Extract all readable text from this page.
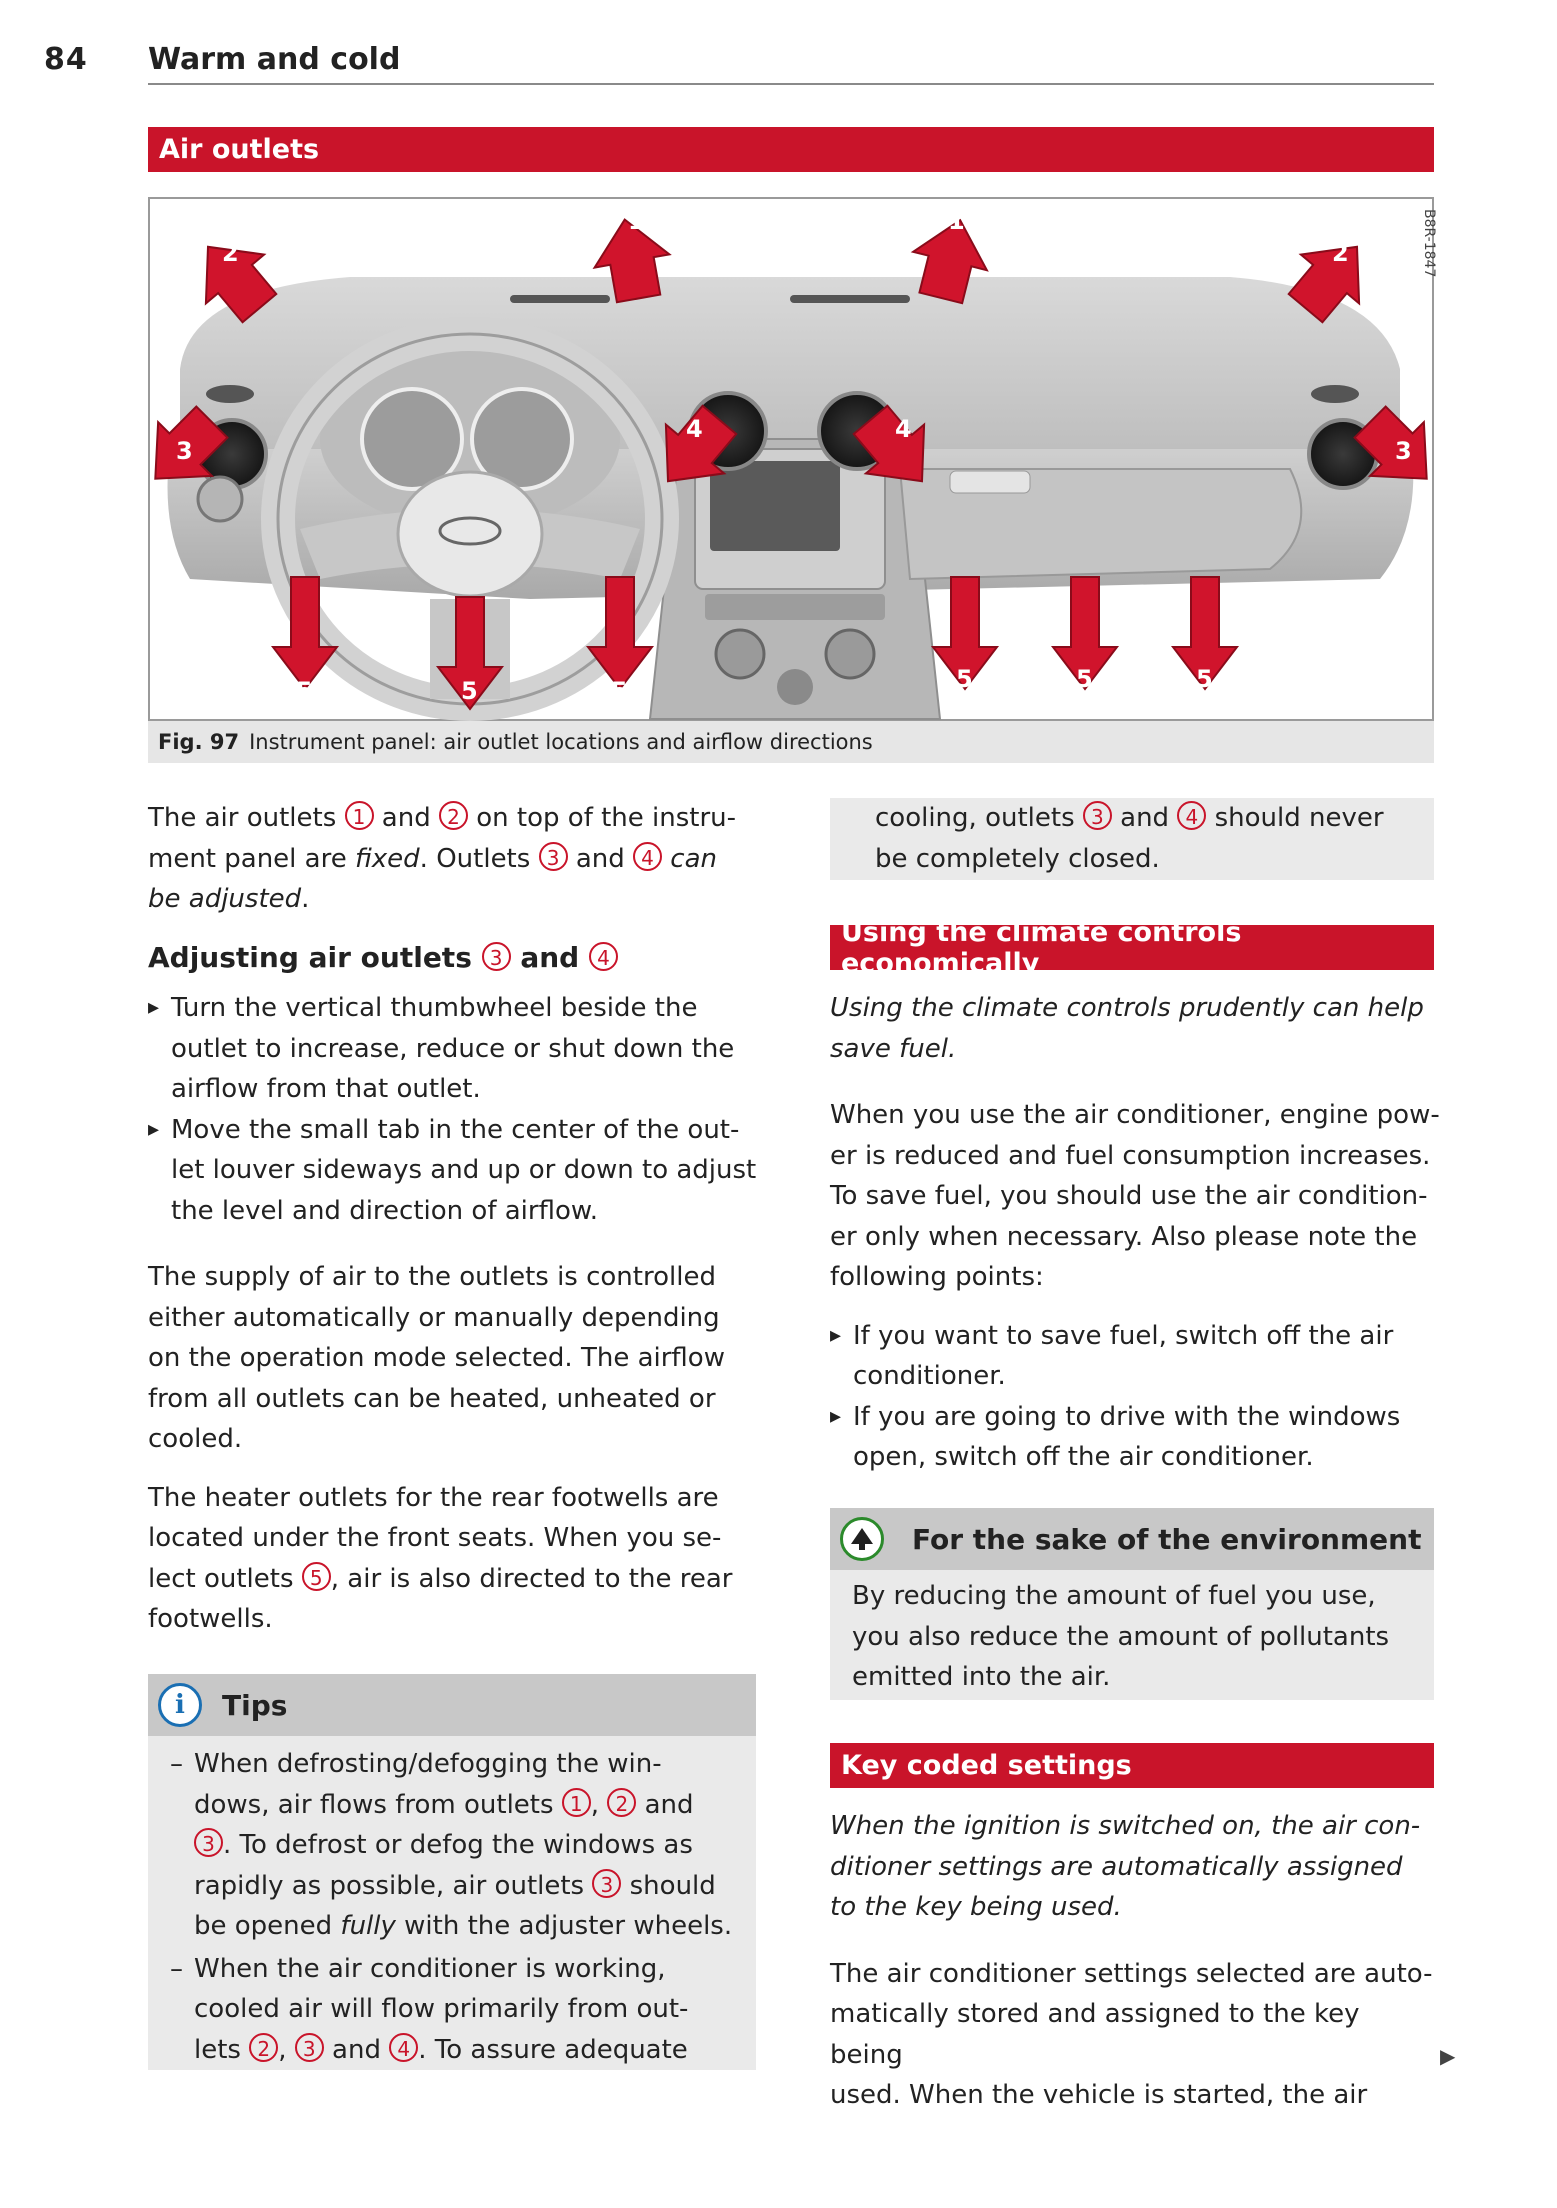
84 Warm and cold
Air outlets
B8R-1847
1	1
2	2
3	3
4	4
5	5	5	5	5	5
Fig. 97 Instrument panel: air outlet locations and airflow directions

The air outlets 1 and 2 on top of the instru-
ment panel are fixed. Outlets 3 and 4 can
be adjusted.

Adjusting air outlets 3 and 4
▸ Turn the vertical thumbwheel beside the
outlet to increase, reduce or shut down the
airflow from that outlet.
▸ Move the small tab in the center of the out-
let louver sideways and up or down to adjust
the level and direction of airflow.

The supply of air to the outlets is controlled
either automatically or manually depending
on the operation mode selected. The airflow
from all outlets can be heated, unheated or
cooled.

The heater outlets for the rear footwells are
located under the front seats. When you se-
lect outlets 5 , air is also directed to the rear
footwells.

i	Tips
– When defrosting/defogging the win-
dows, air flows from outlets 1 , 2 and
3 . To defrost or defog the windows as
rapidly as possible, air outlets 3 should
be opened fully with the adjuster wheels.
– When the air conditioner is working,
cooled air will flow primarily from out-
lets 2 , 3 and 4 . To assure adequate
cooling, outlets 3 and 4 should never
be completely closed.
Using the climate controls economically

Using the climate controls prudently can help
save fuel.

When you use the air conditioner, engine pow-
er is reduced and fuel consumption increases.
To save fuel, you should use the air condition-
er only when necessary. Also please note the
following points:

▸ If you want to save fuel, switch off the air
conditioner.
▸ If you are going to drive with the windows
open, switch off the air conditioner.
For the sake of the environment
By reducing the amount of fuel you use,
you also reduce the amount of pollutants
emitted into the air.
Key coded settings

When the ignition is switched on, the air con-
ditioner settings are automatically assigned
to the key being used.

The air conditioner settings selected are auto-
matically stored and assigned to the key being
used. When the vehicle is started, the air

▶
